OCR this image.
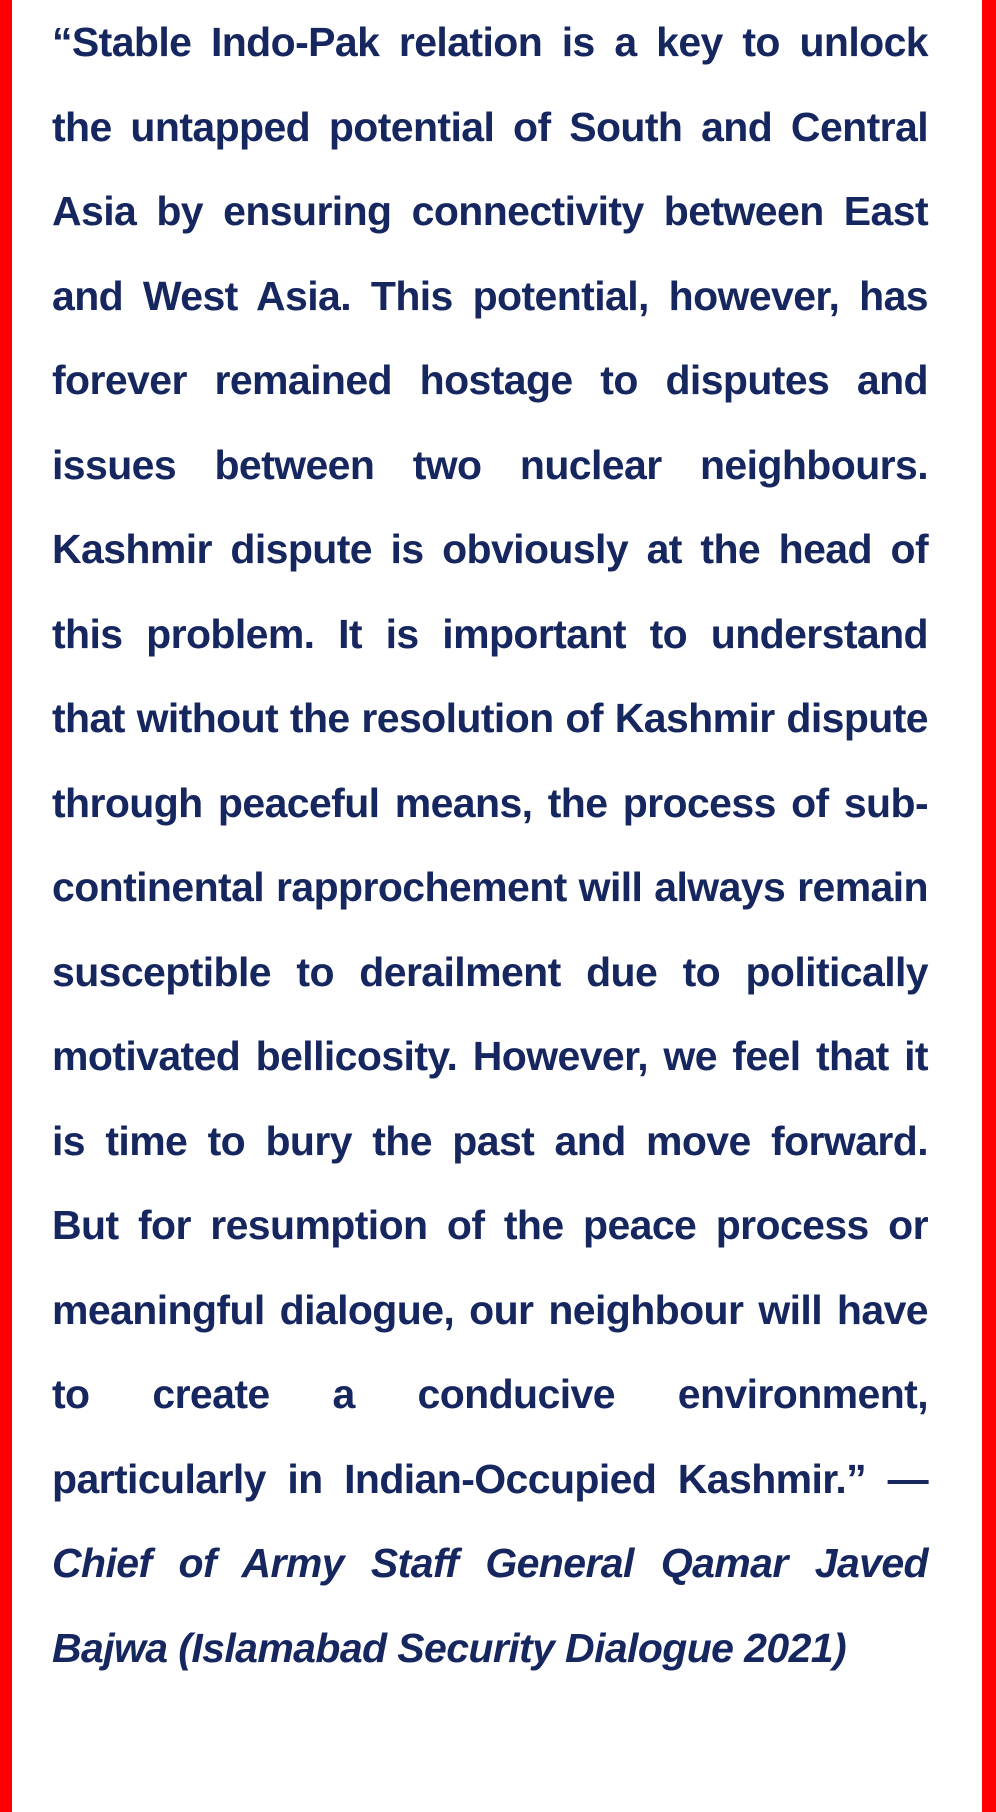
“Stable Indo-Pak relation is a key to unlock the untapped potential of South and Central Asia by ensuring connectivity between East and West Asia. This potential, however, has forever remained hostage to disputes and issues between two nuclear neighbours. Kashmir dispute is obviously at the head of this problem. It is important to understand that without the resolution of Kashmir dispute through peaceful means, the process of sub-continental rapprochement will always remain susceptible to derailment due to politically motivated bellicosity. However, we feel that it is time to bury the past and move forward. But for resumption of the peace process or meaningful dialogue, our neighbour will have to create a conducive environment, particularly in Indian-Occupied Kashmir.” — Chief of Army Staff General Qamar Javed Bajwa (Islamabad Security Dialogue 2021)
